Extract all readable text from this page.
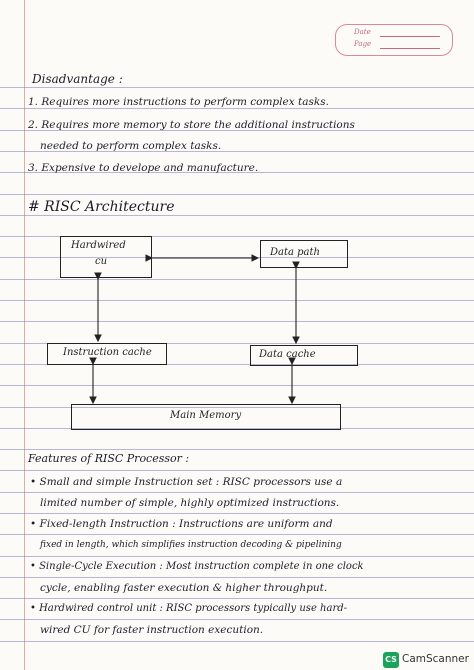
Date
Page
Disadvantage :
1. Requires more instructions to perform complex tasks.
2. Requires more memory to store the additional instructions
needed to perform complex tasks.
3. Expensive to develope and manufacture.
# RISC Architecture
Hardwired
cu
Data path
Instruction cache	Data cache
Main Memory
Features of RISC Processor :
• Small and simple Instruction set : RISC processors use a
limited number of simple, highly optimized instructions.
• Fixed-length Instruction : Instructions are uniform and
fixed in length, which simplifies instruction decoding & pipelining
• Single-Cycle Execution : Most instruction complete in one clock
cycle, enabling faster execution & higher throughput.
• Hardwired control unit : RISC processors typically use hard-
wired CU for faster instruction execution.
CS CamScanner
